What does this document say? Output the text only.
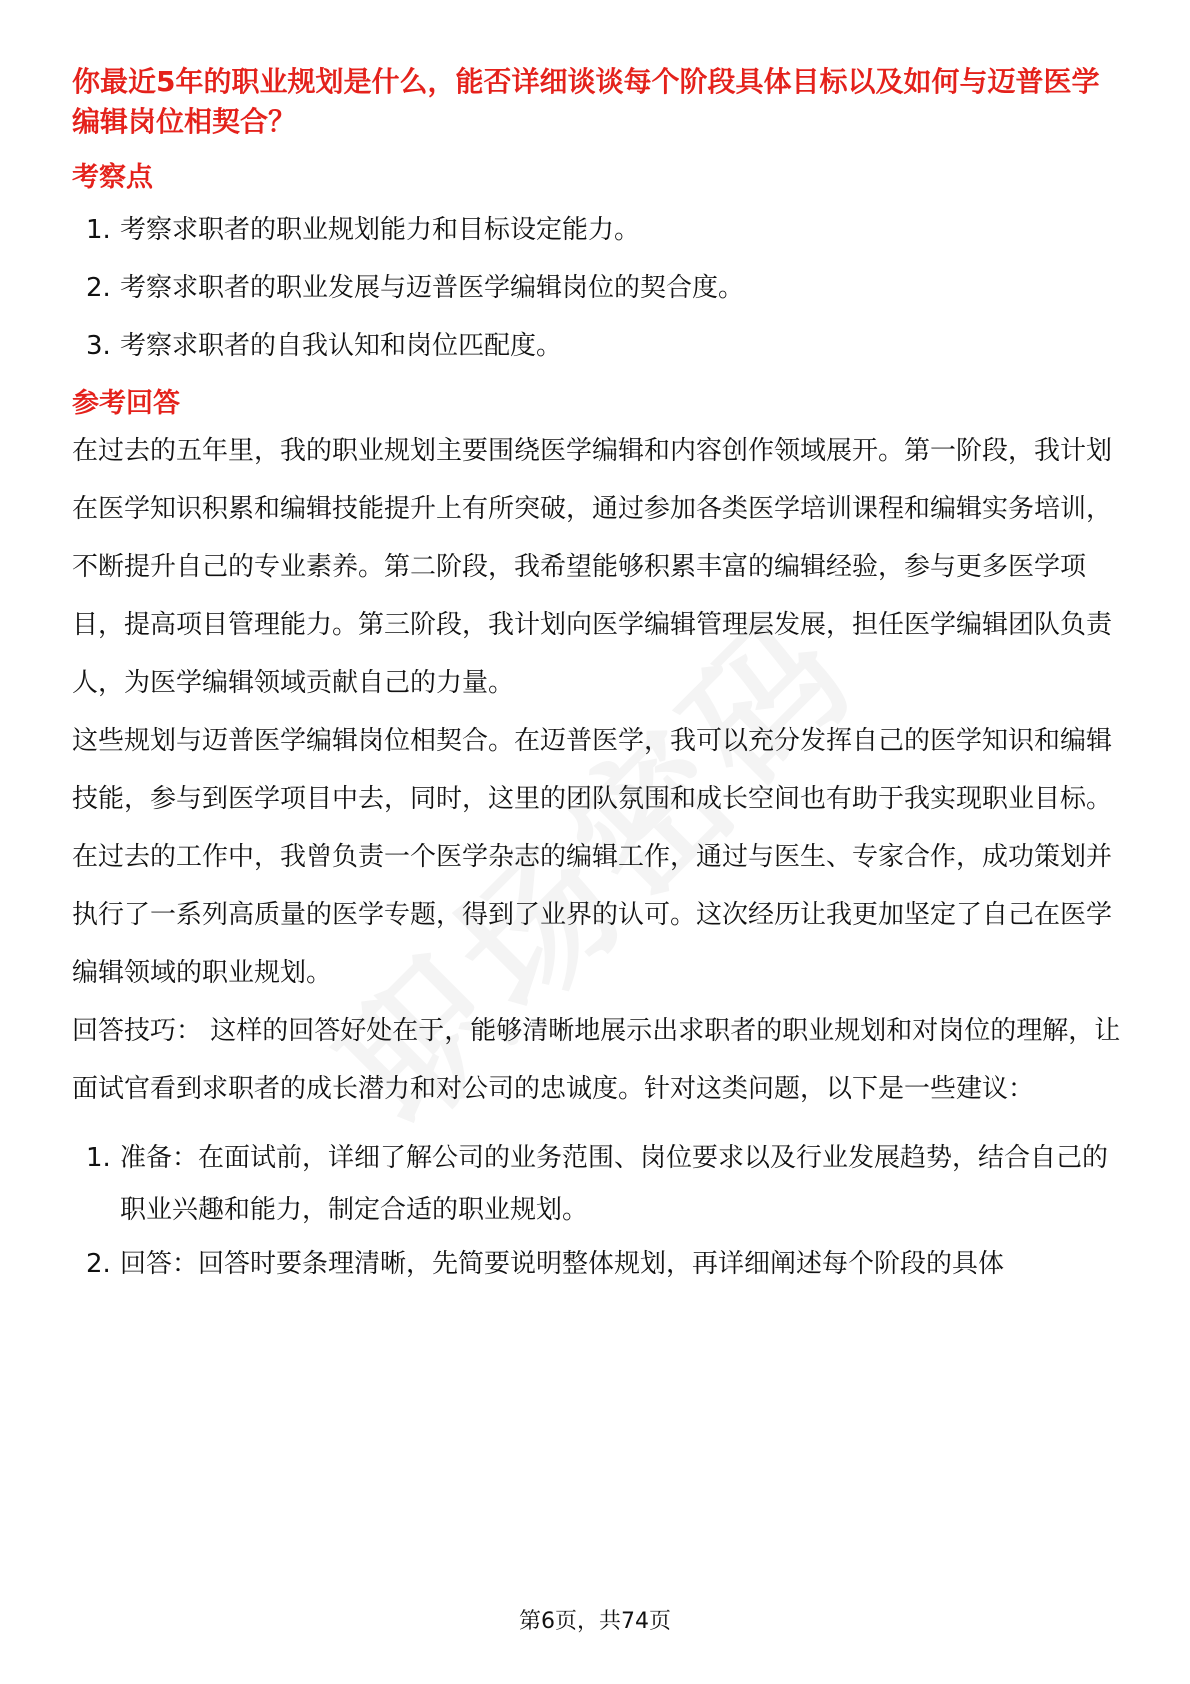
你最近5年的职业规划是什么，能否详细谈谈每个阶段具体目标以及如何与迈普医学编辑岗位相契合？
考察点
1. 考察求职者的职业规划能力和目标设定能力。
2. 考察求职者的职业发展与迈普医学编辑岗位的契合度。
3. 考察求职者的自我认知和岗位匹配度。
参考回答

在过去的五年里，我的职业规划主要围绕医学编辑和内容创作领域展开。第一阶段，我计划在医学知识积累和编辑技能提升上有所突破，通过参加各类医学培训课程和编辑实务培训，不断提升自己的专业素养。第二阶段，我希望能够积累丰富的编辑经验，参与更多医学项目，提高项目管理能力。第三阶段，我计划向医学编辑管理层发展，担任医学编辑团队负责人，为医学编辑领域贡献自己的力量。

这些规划与迈普医学编辑岗位相契合。在迈普医学，我可以充分发挥自己的医学知识和编辑技能，参与到医学项目中去，同时，这里的团队氛围和成长空间也有助于我实现职业目标。

在过去的工作中，我曾负责一个医学杂志的编辑工作，通过与医生、专家合作，成功策划并执行了一系列高质量的医学专题，得到了业界的认可。这次经历让我更加坚定了自己在医学编辑领域的职业规划。

回答技巧： 这样的回答好处在于，能够清晰地展示出求职者的职业规划和对岗位的理解，让面试官看到求职者的成长潜力和对公司的忠诚度。针对这类问题，以下是一些建议：

1. 准备：在面试前，详细了解公司的业务范围、岗位要求以及行业发展趋势，结合自己的职业兴趣和能力，制定合适的职业规划。
2. 回答：回答时要条理清晰，先简要说明整体规划，再详细阐述每个阶段的具体
第6页，共74页
